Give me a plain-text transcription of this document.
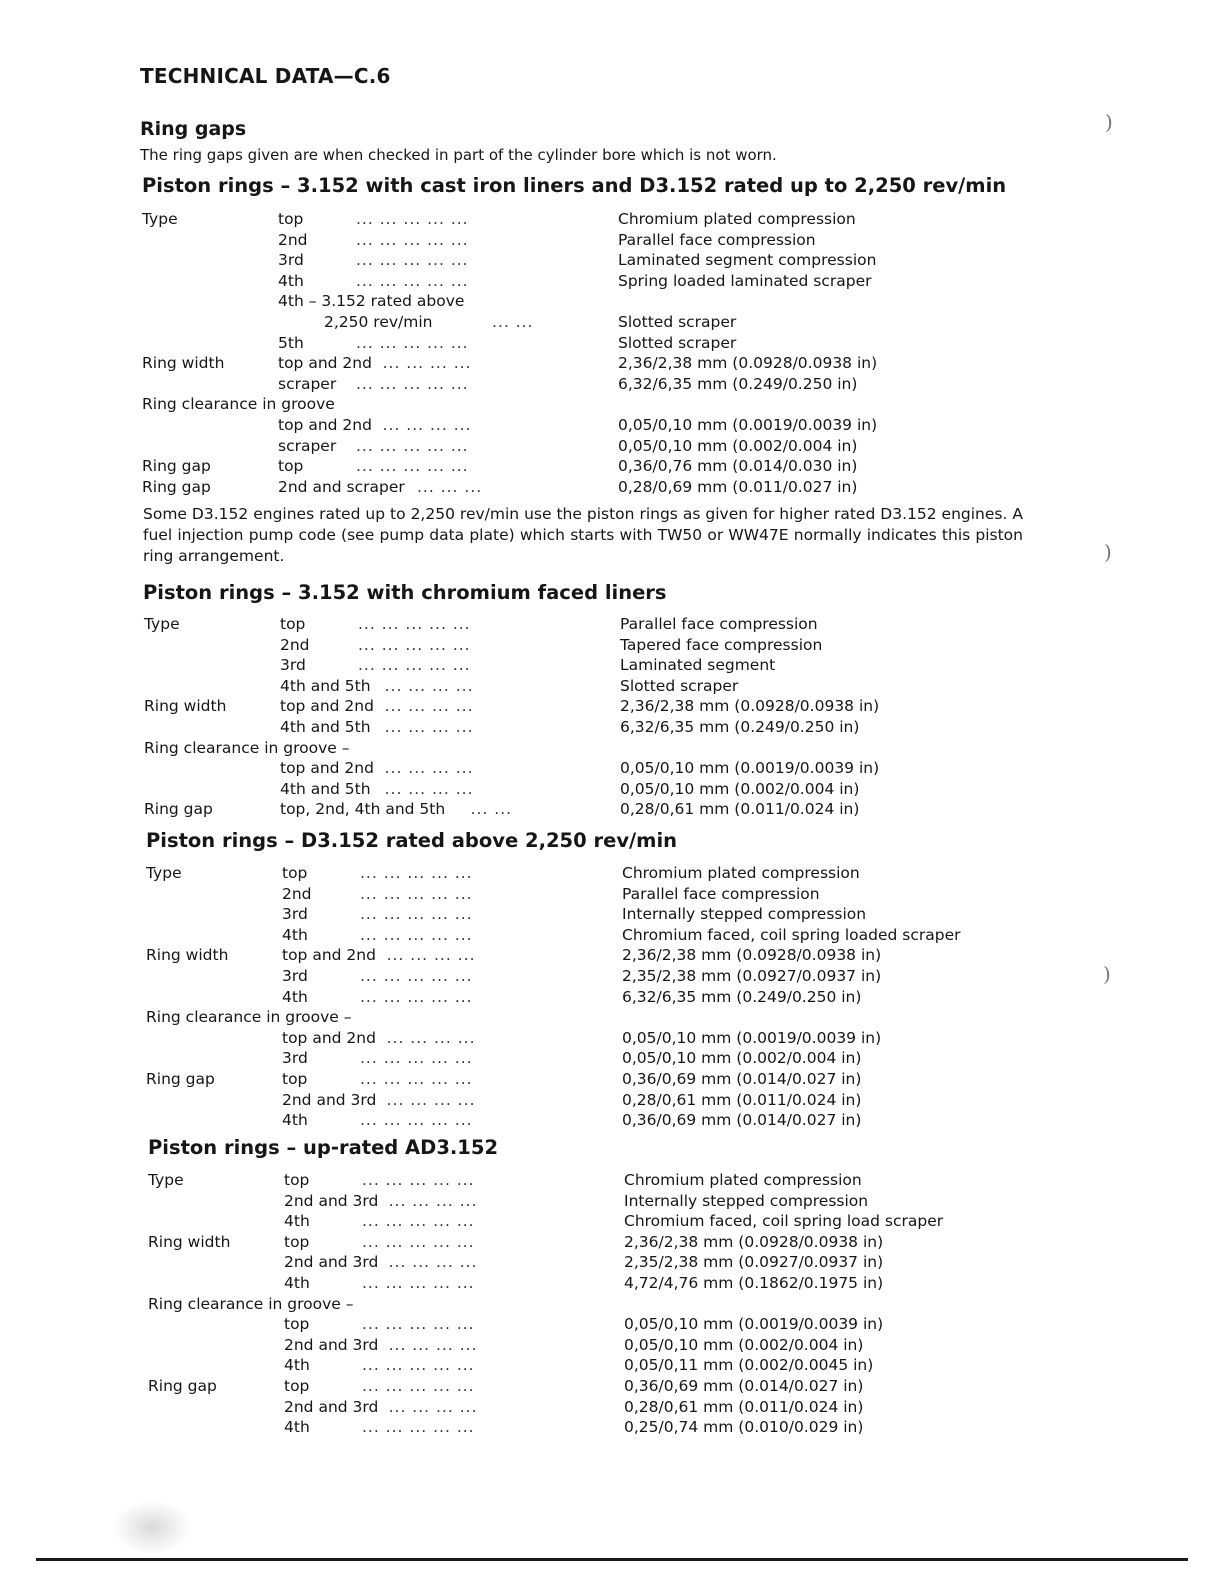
TECHNICAL DATA—C.6
Ring gaps
The ring gaps given are when checked in part of the cylinder bore which is not worn.
Piston rings – 3.152 with cast iron liners and D3.152 rated up to 2,250 rev/min
Type	top	... ... ... ... ...	Chromium plated compression
2nd	... ... ... ... ...	Parallel face compression
3rd	... ... ... ... ...	Laminated segment compression
4th	... ... ... ... ...	Spring loaded laminated scraper
4th – 3.152 rated above
2,250 rev/min	... ...	Slotted scraper
5th	... ... ... ... ...	Slotted scraper
Ring width	top and 2nd ... ... ... ...	2,36/2,38 mm (0.0928/0.0938 in)
scraper ... ... ... ... ...	6,32/6,35 mm (0.249/0.250 in)
Ring clearance in groove
top and 2nd ... ... ... ...	0,05/0,10 mm (0.0019/0.0039 in)
scraper ... ... ... ... ...	0,05/0,10 mm (0.002/0.004 in)
Ring gap	top	... ... ... ... ...	0,36/0,76 mm (0.014/0.030 in)
Ring gap	2nd and scraper ... ... ...	0,28/0,69 mm (0.011/0.027 in)
Some D3.152 engines rated up to 2,250 rev/min use the piston rings as given for higher rated D3.152 engines. A fuel injection pump code (see pump data plate) which starts with TW50 or WW47E normally indicates this piston ring arrangement.
Piston rings – 3.152 with chromium faced liners
Type	top	... ... ... ... ...	Parallel face compression
2nd	... ... ... ... ...	Tapered face compression
3rd	... ... ... ... ...	Laminated segment
4th and 5th ... ... ... ...	Slotted scraper
Ring width	top and 2nd ... ... ... ...	2,36/2,38 mm (0.0928/0.0938 in)
4th and 5th ... ... ... ...	6,32/6,35 mm (0.249/0.250 in)
Ring clearance in groove –
top and 2nd ... ... ... ...	0,05/0,10 mm (0.0019/0.0039 in)
4th and 5th ... ... ... ...	0,05/0,10 mm (0.002/0.004 in)
Ring gap	top, 2nd, 4th and 5th ... ...	0,28/0,61 mm (0.011/0.024 in)
Piston rings – D3.152 rated above 2,250 rev/min
Type	top	... ... ... ... ...	Chromium plated compression
2nd	... ... ... ... ...	Parallel face compression
3rd	... ... ... ... ...	Internally stepped compression
4th	... ... ... ... ...	Chromium faced, coil spring loaded scraper
Ring width	top and 2nd ... ... ... ...	2,36/2,38 mm (0.0928/0.0938 in)
3rd	... ... ... ... ...	2,35/2,38 mm (0.0927/0.0937 in)
4th	... ... ... ... ...	6,32/6,35 mm (0.249/0.250 in)
Ring clearance in groove –
top and 2nd ... ... ... ...	0,05/0,10 mm (0.0019/0.0039 in)
3rd	... ... ... ... ...	0,05/0,10 mm (0.002/0.004 in)
Ring gap	top	... ... ... ... ...	0,36/0,69 mm (0.014/0.027 in)
2nd and 3rd ... ... ... ...	0,28/0,61 mm (0.011/0.024 in)
4th	... ... ... ... ...	0,36/0,69 mm (0.014/0.027 in)
Piston rings – up-rated AD3.152
Type	top	... ... ... ... ...	Chromium plated compression
2nd and 3rd ... ... ... ...	Internally stepped compression
4th	... ... ... ... ...	Chromium faced, coil spring load scraper
Ring width	top	... ... ... ... ...	2,36/2,38 mm (0.0928/0.0938 in)
2nd and 3rd ... ... ... ...	2,35/2,38 mm (0.0927/0.0937 in)
4th	... ... ... ... ...	4,72/4,76 mm (0.1862/0.1975 in)
Ring clearance in groove –
top	... ... ... ... ...	0,05/0,10 mm (0.0019/0.0039 in)
2nd and 3rd ... ... ... ...	0,05/0,10 mm (0.002/0.004 in)
4th	... ... ... ... ...	0,05/0,11 mm (0.002/0.0045 in)
Ring gap	top	... ... ... ... ...	0,36/0,69 mm (0.014/0.027 in)
2nd and 3rd ... ... ... ...	0,28/0,61 mm (0.011/0.024 in)
4th	... ... ... ... ...	0,25/0,74 mm (0.010/0.029 in)
)
)
)
